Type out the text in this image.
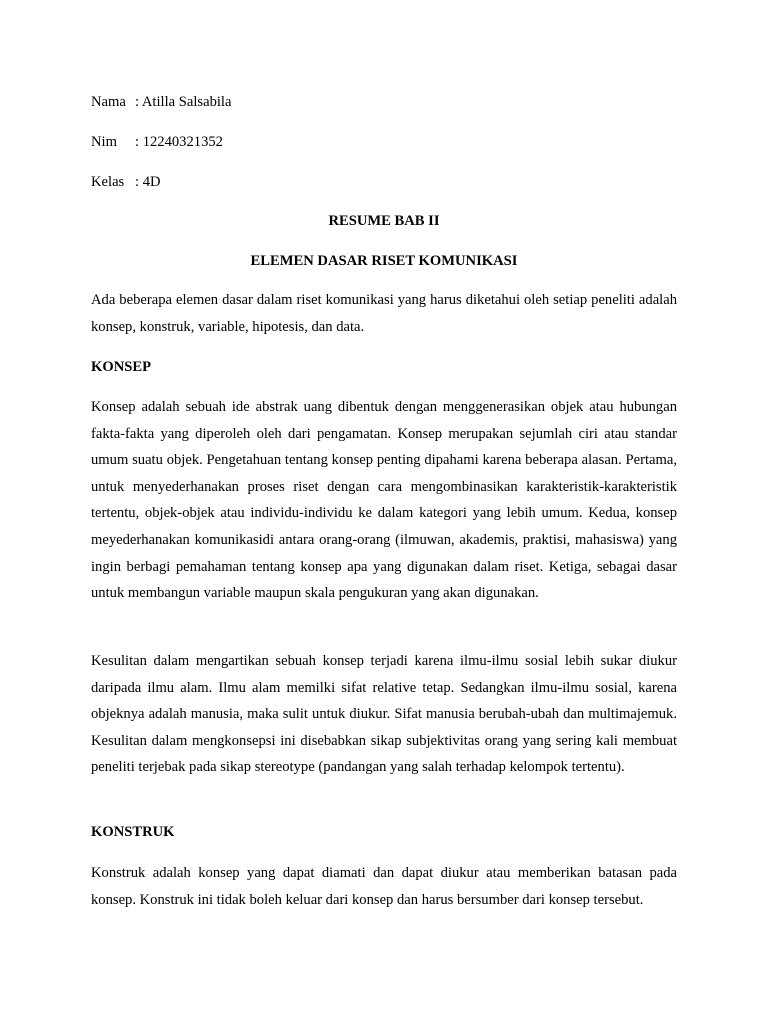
Nama : Atilla Salsabila
Nim	: 12240321352
Kelas : 4D
RESUME BAB II
ELEMEN DASAR RISET KOMUNIKASI

Ada beberapa elemen dasar dalam riset komunikasi yang harus diketahui oleh setiap peneliti adalah konsep, konstruk, variable, hipotesis, dan data.

KONSEP

Konsep adalah sebuah ide abstrak uang dibentuk dengan menggenerasikan objek atau hubungan fakta-fakta yang diperoleh oleh dari pengamatan. Konsep merupakan sejumlah ciri atau standar umum suatu objek. Pengetahuan tentang konsep penting dipahami karena beberapa alasan. Pertama, untuk menyederhanakan proses riset dengan cara mengombinasikan karakteristik-karakteristik tertentu, objek-objek atau individu-individu ke dalam kategori yang lebih umum. Kedua, konsep meyederhanakan komunikasidi antara orang-orang (ilmuwan, akademis, praktisi, mahasiswa) yang ingin berbagi pemahaman tentang konsep apa yang digunakan dalam riset. Ketiga, sebagai dasar untuk membangun variable maupun skala pengukuran yang akan digunakan.

Kesulitan dalam mengartikan sebuah konsep terjadi karena ilmu-ilmu sosial lebih sukar diukur daripada ilmu alam. Ilmu alam memilki sifat relative tetap. Sedangkan ilmu-ilmu sosial, karena objeknya adalah manusia, maka sulit untuk diukur. Sifat manusia berubah-ubah dan multimajemuk. Kesulitan dalam mengkonsepsi ini disebabkan sikap subjektivitas orang yang sering kali membuat peneliti terjebak pada sikap stereotype (pandangan yang salah terhadap kelompok tertentu).

KONSTRUK

Konstruk adalah konsep yang dapat diamati dan dapat diukur atau memberikan batasan pada konsep. Konstruk ini tidak boleh keluar dari konsep dan harus bersumber dari konsep tersebut.
